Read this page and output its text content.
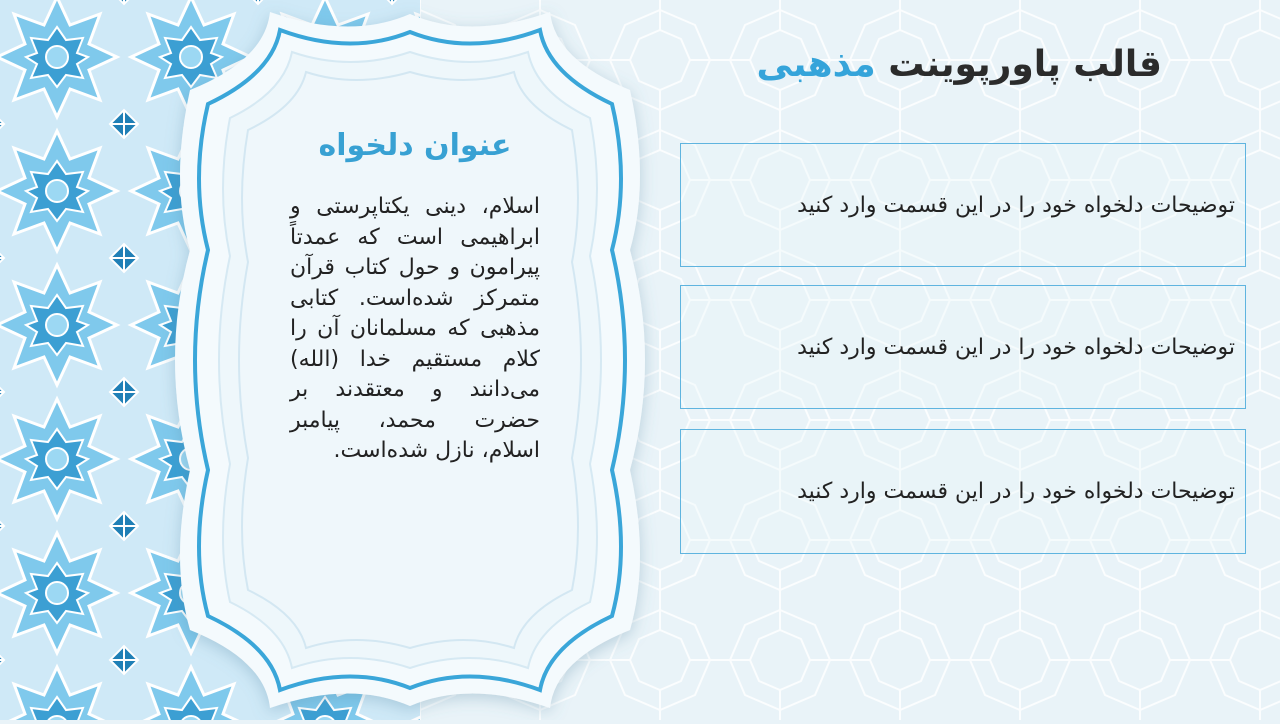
عنوان دلخواه
اسلام، دینی یکتاپرستی و ابراهیمی است که عمدتاً پیرامون و حول کتاب قرآن متمرکز شده‌است. کتابی مذهبی که مسلمانان آن را کلام مستقیم خدا (الله) می‌دانند و معتقدند بر حضرت محمد، پیامبر اسلام، نازل شده‌است.
قالب پاورپوینت مذهبی
توضیحات دلخواه خود را در این قسمت وارد کنید
توضیحات دلخواه خود را در این قسمت وارد کنید
توضیحات دلخواه خود را در این قسمت وارد کنید
